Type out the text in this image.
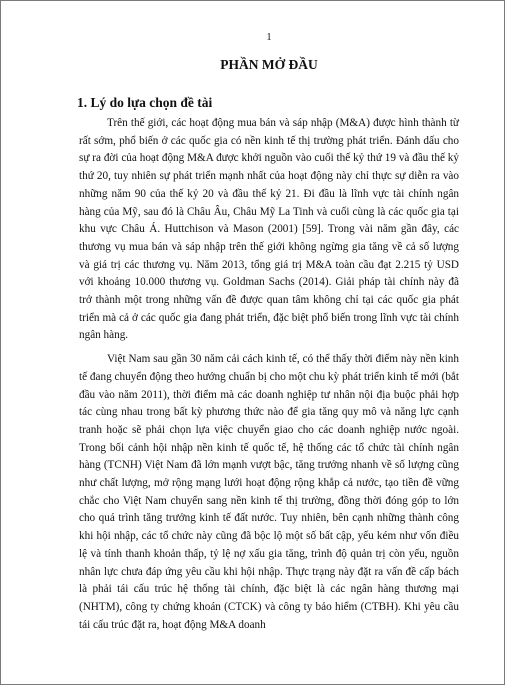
1
PHẦN MỞ ĐẦU
1. Lý do lựa chọn đề tài

Trên thế giới, các hoạt động mua bán và sáp nhập (M&A) được hình thành từ rất sớm, phổ biến ở các quốc gia có nền kinh tế thị trường phát triển. Đánh dấu cho sự ra đời của hoạt động M&A được khởi nguồn vào cuối thế kỷ thứ 19 và đầu thế kỷ thứ 20, tuy nhiên sự phát triển mạnh nhất của hoạt động này chỉ thực sự diễn ra vào những năm 90 của thế kỷ 20 và đầu thế kỷ 21. Đi đầu là lĩnh vực tài chính ngân hàng của Mỹ, sau đó là Châu Âu, Châu Mỹ La Tinh và cuối cùng là các quốc gia tại khu vực Châu Á. Huttchison và Mason (2001) [59]. Trong vài năm gần đây, các thương vụ mua bán và sáp nhập trên thế giới không ngừng gia tăng về cả số lượng và giá trị các thương vụ. Năm 2013, tổng giá trị M&A toàn cầu đạt 2.215 tỷ USD với khoảng 10.000 thương vụ. Goldman Sachs (2014). Giải pháp tài chính này đã trở thành một trong những vấn đề được quan tâm không chỉ tại các quốc gia phát triển mà cả ở các quốc gia đang phát triển, đặc biệt phổ biến trong lĩnh vực tài chính ngân hàng.

Việt Nam sau gần 30 năm cải cách kinh tế, có thể thấy thời điểm này nền kinh tế đang chuyển động theo hướng chuẩn bị cho một chu kỳ phát triển kinh tế mới (bắt đầu vào năm 2011), thời điểm mà các doanh nghiệp tư nhân nội địa buộc phải hợp tác cùng nhau trong bất kỳ phương thức nào để gia tăng quy mô và năng lực cạnh tranh hoặc sẽ phải chọn lựa việc chuyển giao cho các doanh nghiệp nước ngoài. Trong bối cảnh hội nhập nền kinh tế quốc tế, hệ thống các tổ chức tài chính ngân hàng (TCNH) Việt Nam đã lớn mạnh vượt bậc, tăng trưởng nhanh về số lượng cũng như chất lượng, mở rộng mạng lưới hoạt động rộng khắp cả nước, tạo tiền đề vững chắc cho Việt Nam chuyển sang nền kinh tế thị trường, đồng thời đóng góp to lớn cho quá trình tăng trưởng kinh tế đất nước. Tuy nhiên, bên cạnh những thành công khi hội nhập, các tổ chức này cũng đã bộc lộ một số bất cập, yếu kém như vốn điều lệ và tính thanh khoản thấp, tỷ lệ nợ xấu gia tăng, trình độ quản trị còn yếu, nguồn nhân lực chưa đáp ứng yêu cầu khi hội nhập. Thực trạng này đặt ra vấn đề cấp bách là phải tái cấu trúc hệ thống tài chính, đặc biệt là các ngân hàng thương mại (NHTM), công ty chứng khoán (CTCK) và công ty bảo hiểm (CTBH). Khi yêu cầu tái cấu trúc đặt ra, hoạt động M&A doanh
